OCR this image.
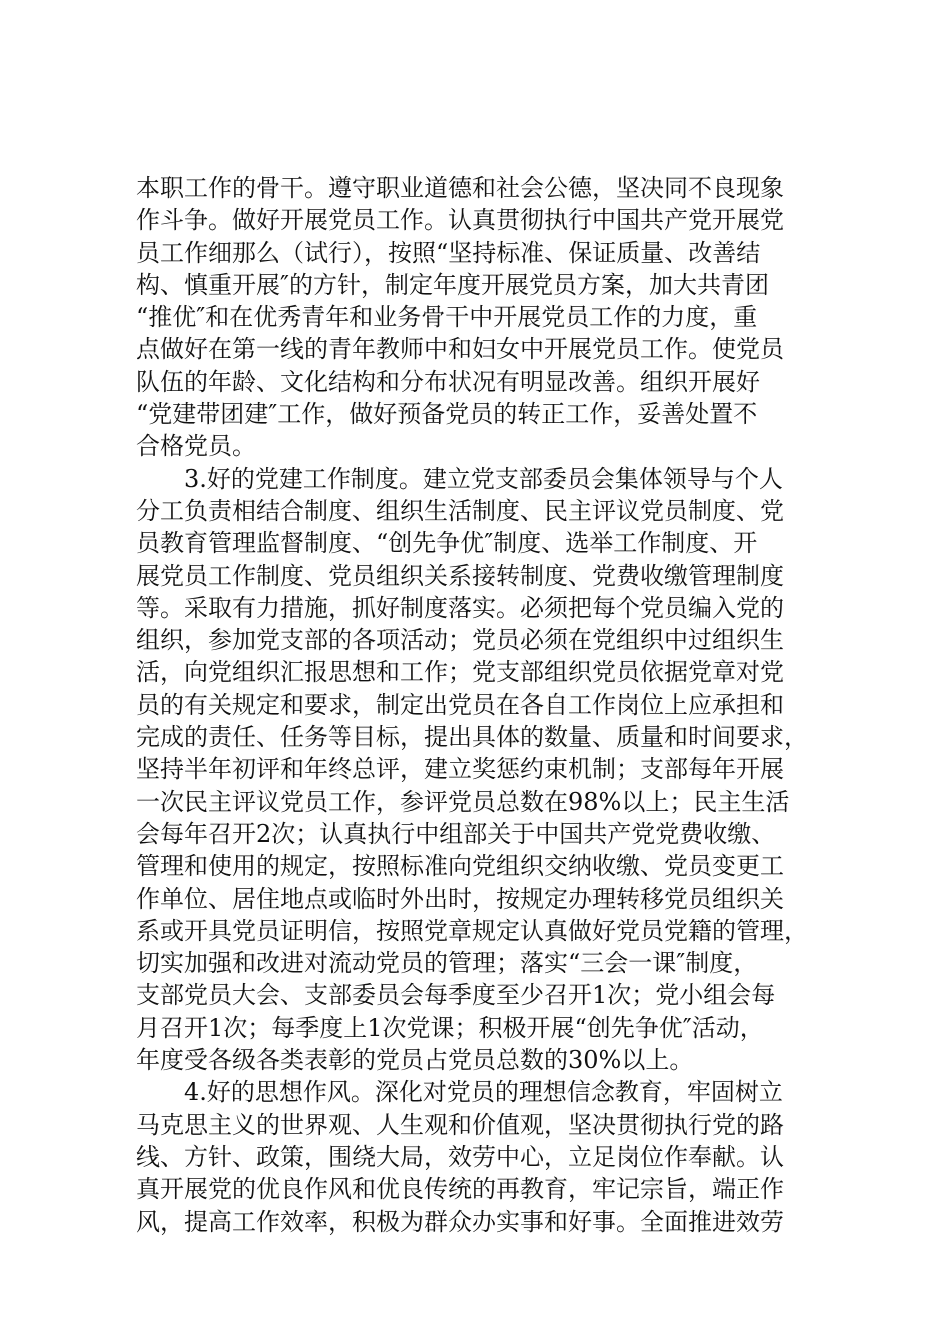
本职工作的骨干。遵守职业道德和社会公德，坚决同不良现象
作斗争。做好开展党员工作。认真贯彻执行中国共产党开展党
员工作细那么（试行），按照“坚持标准、保证质量、改善结
构、慎重开展″的方针，制定年度开展党员方案，加大共青团
“推优″和在优秀青年和业务骨干中开展党员工作的力度，重
点做好在第一线的青年教师中和妇女中开展党员工作。使党员
队伍的年龄、文化结构和分布状况有明显改善。组织开展好
“党建带团建″工作，做好预备党员的转正工作，妥善处置不
合格党员。
3.好的党建工作制度。建立党支部委员会集体领导与个人
分工负责相结合制度、组织生活制度、民主评议党员制度、党
员教育管理监督制度、“创先争优″制度、选举工作制度、开
展党员工作制度、党员组织关系接转制度、党费收缴管理制度
等。采取有力措施，抓好制度落实。必须把每个党员编入党的
组织，参加党支部的各项活动；党员必须在党组织中过组织生
活，向党组织汇报思想和工作；党支部组织党员依据党章对党
员的有关规定和要求，制定出党员在各自工作岗位上应承担和
完成的责任、任务等目标，提出具体的数量、质量和时间要求，
坚持半年初评和年终总评，建立奖惩约束机制；支部每年开展
一次民主评议党员工作，参评党员总数在98%以上；民主生活
会每年召开2次；认真执行中组部关于中国共产党党费收缴、
管理和使用的规定，按照标准向党组织交纳收缴、党员变更工
作单位、居住地点或临时外出时，按规定办理转移党员组织关
系或开具党员证明信，按照党章规定认真做好党员党籍的管理，
切实加强和改进对流动党员的管理；落实“三会一课″制度，
支部党员大会、支部委员会每季度至少召开1次；党小组会每
月召开1次；每季度上1次党课；积极开展“创先争优″活动，
年度受各级各类表彰的党员占党员总数的30%以上。
4.好的思想作风。深化对党员的理想信念教育，牢固树立
马克思主义的世界观、人生观和价值观，坚决贯彻执行党的路
线、方针、政策，围绕大局，效劳中心，立足岗位作奉献。认
真开展党的优良作风和优良传统的再教育，牢记宗旨，端正作
风，提高工作效率，积极为群众办实事和好事。全面推进效劳
